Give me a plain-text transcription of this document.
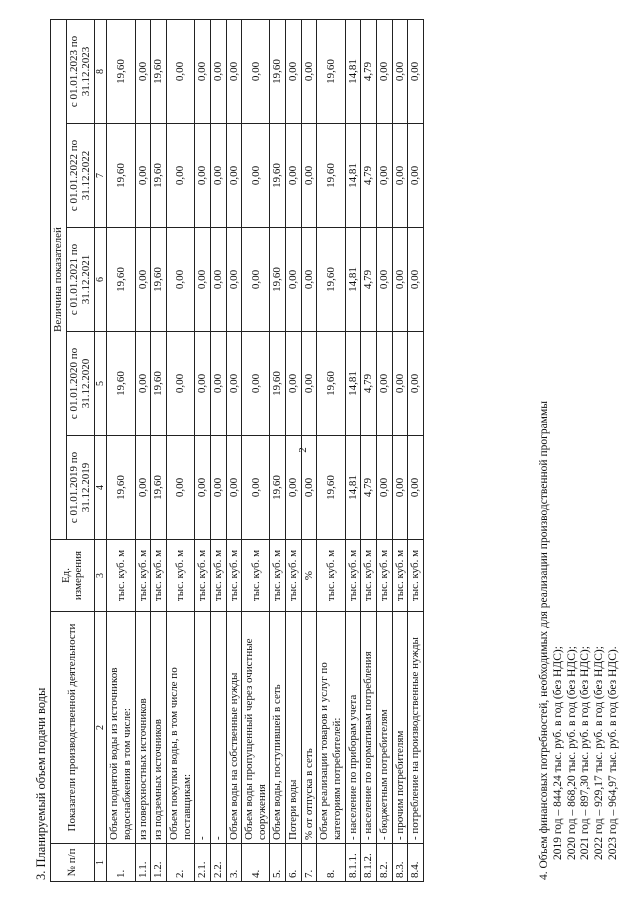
2
3. Планируемый объем подачи воды № п/п	Показатели производственной деятельности	Ед. измерения	Величина показателей				
			с 01.01.2019 по 31.12.2019	с 01.01.2020 по 31.12.2020	с 01.01.2021 по 31.12.2021	с 01.01.2022 по 31.12.2022	с 01.01.2023 по 31.12.2023
1	2	3	4	5	6	7	8
1.	Объем поднятой воды из источников водоснабжения в том числе:	тыс. куб. м	19,60	19,60	19,60	19,60	19,60
1.1.	из поверхностных источников	тыс. куб. м	0,00	0,00	0,00	0,00	0,00
1.2.	из подземных источников	тыс. куб. м	19,60	19,60	19,60	19,60	19,60
2.	Объем покупки воды, в том числе по поставщикам:	тыс. куб. м	0,00	0,00	0,00	0,00	0,00
2.1.	-	тыс. куб. м	0,00	0,00	0,00	0,00	0,00
2.2.	-	тыс. куб. м	0,00	0,00	0,00	0,00	0,00
3.	Объем воды на собственные нужды	тыс. куб. м	0,00	0,00	0,00	0,00	0,00
4.	Объем воды пропущенный через очистные сооружения	тыс. куб. м	0,00	0,00	0,00	0,00	0,00
5.	Объем воды, поступившей в сеть	тыс. куб. м	19,60	19,60	19,60	19,60	19,60
6.	Потери воды	тыс. куб. м	0,00	0,00	0,00	0,00	0,00
7.	% от отпуска в сеть	%	0,00	0,00	0,00	0,00	0,00
8.	Объем реализации товаров и услуг по категориям потребителей:	тыс. куб. м	19,60	19,60	19,60	19,60	19,60
8.1.1.	- население по приборам учета	тыс. куб. м	14,81	14,81	14,81	14,81	14,81
8.1.2.	- население по нормативам потребления	тыс. куб. м	4,79	4,79	4,79	4,79	4,79
8.2.	- бюджетным потребителям	тыс. куб. м	0,00	0,00	0,00	0,00	0,00
8.3.	- прочим потребителям	тыс. куб. м	0,00	0,00	0,00	0,00	0,00
8.4.	- потребление на производственные нужды	тыс. куб. м	0,00	0,00	0,00	0,00	0,00
4. Объем финансовых потребностей, необходимых для реализации производственной программы 2019 год – 844,24 тыс. руб. в год (без НДС); 2020 год – 868,20 тыс. руб. в год (без НДС); 2021 год – 897,30 тыс. руб. в год (без НДС); 2022 год – 929,17 тыс. руб. в год (без НДС); 2023 год – 964,97 тыс. руб. в год (без НДС).
